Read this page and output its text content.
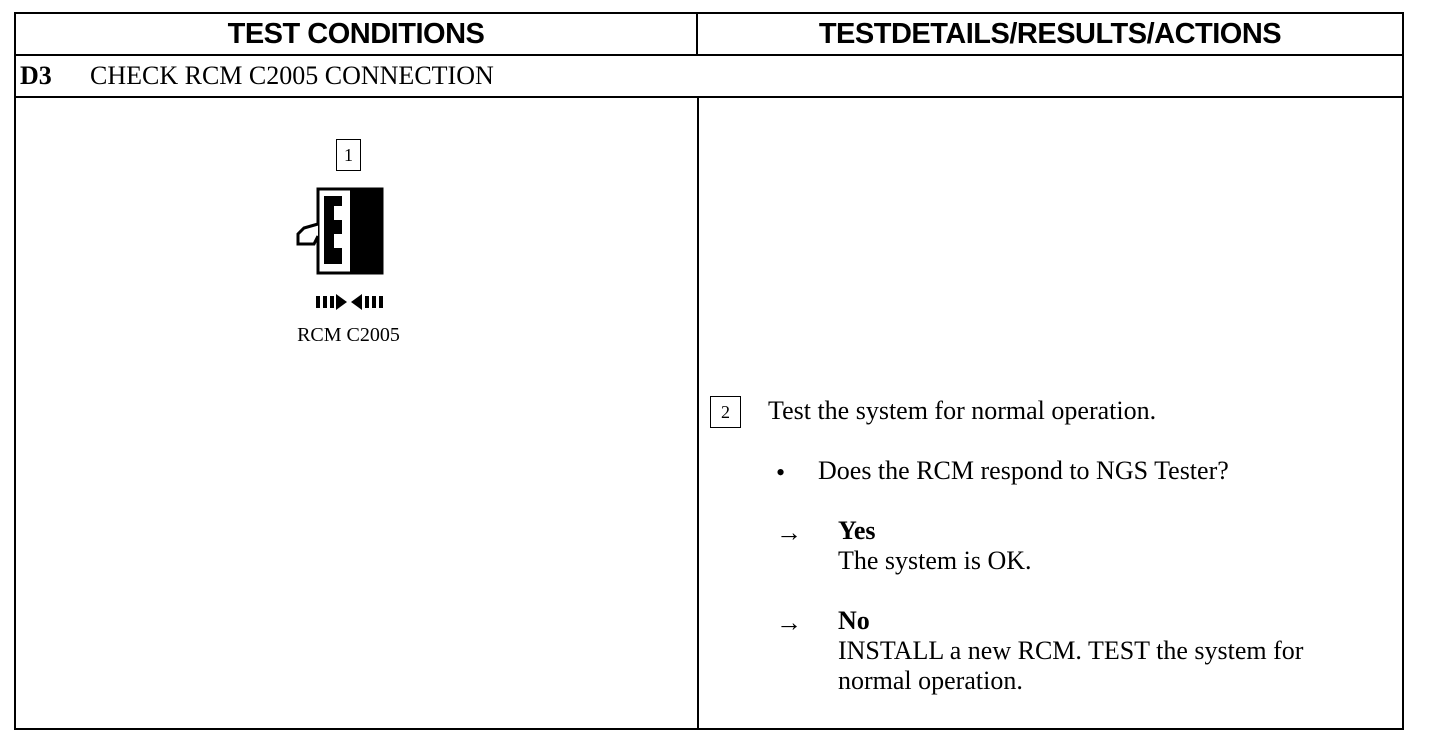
TEST CONDITIONS	TESTDETAILS/RESULTS/ACTIONS
D3 CHECK RCM C2005 CONNECTION
1
RCM C2005
2	Test the system for normal operation.
• Does the RCM respond to NGS Tester?
→ Yes
The system is OK.
→ No
INSTALL a new RCM. TEST the system for
normal operation.
